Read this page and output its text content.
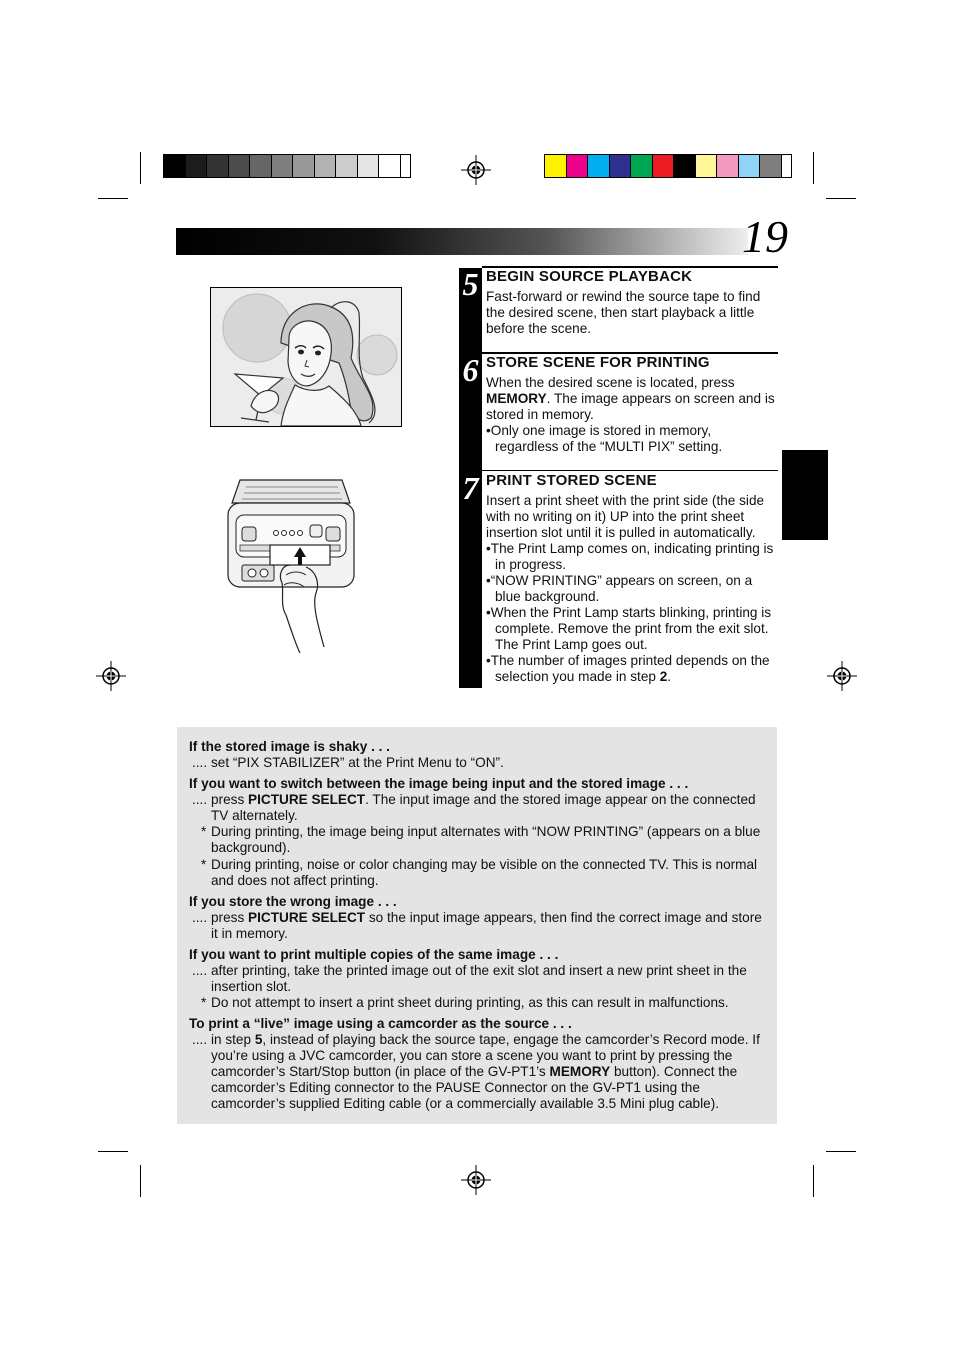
19
5
6
7
BEGIN SOURCE PLAYBACK
Fast-forward or rewind the source tape to find the desired scene, then start playback a little before the scene.
STORE SCENE FOR PRINTING
When the desired scene is located, press MEMORY. The image appears on screen and is stored in memory.
•Only one image is stored in memory, regardless of the “MULTI PIX” setting.
PRINT STORED SCENE
Insert a print sheet with the print side (the side with no writing on it) UP into the print sheet insertion slot until it is pulled in automatically.
•The Print Lamp comes on, indicating printing is in progress.
•“NOW PRINTING” appears on screen, on a blue background.
•When the Print Lamp starts blinking, printing is complete. Remove the print from the exit slot. The Print Lamp goes out.
•The number of images printed depends on the selection you made in step 2.
If the stored image is shaky . . .
.... set “PIX STABILIZER” at the Print Menu to “ON”.
If you want to switch between the image being input and the stored image . . .
.... press PICTURE SELECT. The input image and the stored image appear on the connected TV alternately.
* During printing, the image being input alternates with “NOW PRINTING” (appears on a blue background).
* During printing, noise or color changing may be visible on the connected TV. This is normal and does not affect printing.
If you store the wrong image . . .
.... press PICTURE SELECT so the input image appears, then find the correct image and store it in memory.
If you want to print multiple copies of the same image . . .
.... after printing, take the printed image out of the exit slot and insert a new print sheet in the insertion slot.
* Do not attempt to insert a print sheet during printing, as this can result in malfunctions.
To print a “live” image using a camcorder as the source . . .
.... in step 5, instead of playing back the source tape, engage the camcorder’s Record mode. If you’re using a JVC camcorder, you can store a scene you want to print by pressing the camcorder’s Start/Stop button (in place of the GV-PT1’s MEMORY button). Connect the camcorder’s Editing connector to the PAUSE Connector on the GV-PT1 using the camcorder’s supplied Editing cable (or a commercially available 3.5 Mini plug cable).
